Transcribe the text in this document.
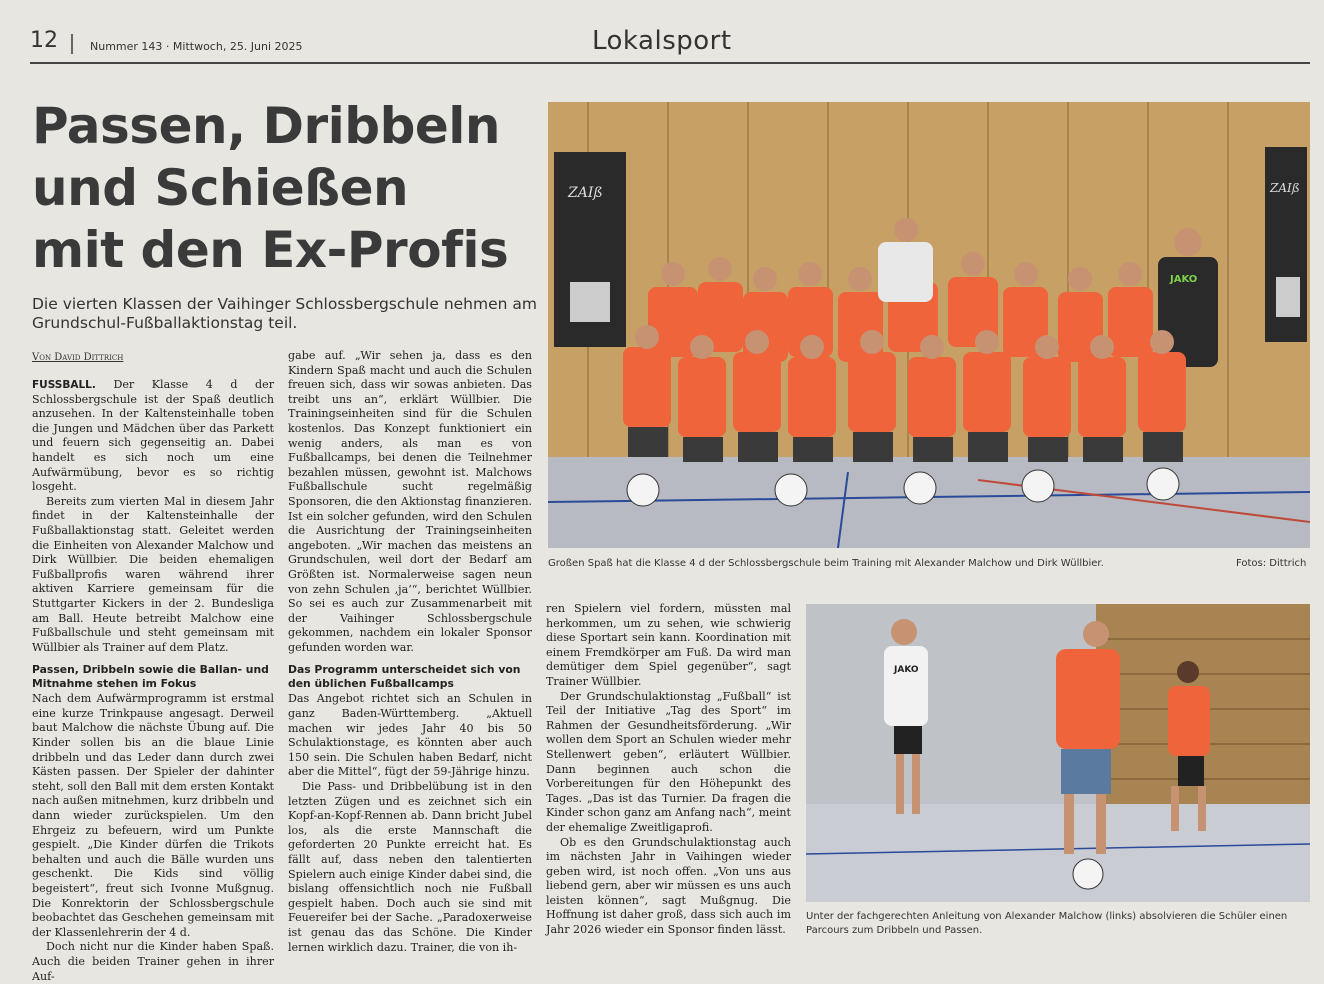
12	Nummer 143 · Mittwoch, 25. Juni 2025	Lokalsport
Passen, Dribbeln
und Schießen
mit den Ex-Profis
Die vierten Klassen der Vaihinger Schlossbergschule nehmen am Grundschul-Fußballaktionstag teil.
Von David Dittrich

FUSSBALL. Der Klasse 4 d der Schlossbergschule ist der Spaß deutlich anzusehen. In der Kaltensteinhalle toben die Jungen und Mädchen über das Parkett und feuern sich gegenseitig an. Dabei handelt es sich noch um eine Aufwärmübung, bevor es so richtig losgeht.

Bereits zum vierten Mal in diesem Jahr findet in der Kaltensteinhalle der Fußballaktionstag statt. Geleitet werden die Einheiten von Alexander Malchow und Dirk Wüllbier. Die beiden ehemaligen Fußballprofis waren während ihrer aktiven Karriere gemeinsam für die Stuttgarter Kickers in der 2. Bundesliga am Ball. Heute betreibt Malchow eine Fußballschule und steht gemeinsam mit Wüllbier als Trainer auf dem Platz.

Passen, Dribbeln sowie die Ballan- und Mitnahme stehen im Fokus

Nach dem Aufwärmprogramm ist erstmal eine kurze Trinkpause angesagt. Derweil baut Malchow die nächste Übung auf. Die Kinder sollen bis an die blaue Linie dribbeln und das Leder dann durch zwei Kästen passen. Der Spieler der dahinter steht, soll den Ball mit dem ersten Kontakt nach außen mitnehmen, kurz dribbeln und dann wieder zurückspielen. Um den Ehrgeiz zu befeuern, wird um Punkte gespielt. „Die Kinder dürfen die Trikots behalten und auch die Bälle wurden uns geschenkt. Die Kids sind völlig begeistert“, freut sich Ivonne Mußgnug. Die Konrektorin der Schlossbergschule beobachtet das Geschehen gemeinsam mit der Klassenlehrerin der 4 d.

Doch nicht nur die Kinder haben Spaß. Auch die beiden Trainer gehen in ihrer Auf-

gabe auf. „Wir sehen ja, dass es den Kindern Spaß macht und auch die Schulen freuen sich, dass wir sowas anbieten. Das treibt uns an“, erklärt Wüllbier. Die Trainingseinheiten sind für die Schulen kostenlos. Das Konzept funktioniert ein wenig anders, als man es von Fußballcamps, bei denen die Teilnehmer bezahlen müssen, gewohnt ist. Malchows Fußballschule sucht regelmäßig Sponsoren, die den Aktionstag finanzieren. Ist ein solcher gefunden, wird den Schulen die Ausrichtung der Trainingseinheiten angeboten. „Wir machen das meistens an Grundschulen, weil dort der Bedarf am Größten ist. Normalerweise sagen neun von zehn Schulen ‚ja‘“, berichtet Wüllbier. So sei es auch zur Zusammenarbeit mit der Vaihinger Schlossbergschule gekommen, nachdem ein lokaler Sponsor gefunden worden war.

Das Programm unterscheidet sich von den üblichen Fußballcamps

Das Angebot richtet sich an Schulen in ganz Baden-Württemberg. „Aktuell machen wir jedes Jahr 40 bis 50 Schulaktionstage, es könnten aber auch 150 sein. Die Schulen haben Bedarf, nicht aber die Mittel“, fügt der 59-Jährige hinzu.

Die Pass- und Dribbelübung ist in den letzten Zügen und es zeichnet sich ein Kopf-an-Kopf-Rennen ab. Dann bricht Jubel los, als die erste Mannschaft die geforderten 20 Punkte erreicht hat. Es fällt auf, dass neben den talentierten Spielern auch einige Kinder dabei sind, die bislang offensichtlich noch nie Fußball gespielt haben. Doch auch sie sind mit Feuereifer bei der Sache. „Paradoxerweise ist genau das das Schöne. Die Kinder lernen wirklich dazu. Trainer, die von ih-

ren Spielern viel fordern, müssten mal herkommen, um zu sehen, wie schwierig diese Sportart sein kann. Koordination mit einem Fremdkörper am Fuß. Da wird man demütiger dem Spiel gegenüber“, sagt Trainer Wüllbier.

Der Grundschulaktionstag „Fußball“ ist Teil der Initiative „Tag des Sport“ im Rahmen der Gesundheitsförderung. „Wir wollen dem Sport an Schulen wieder mehr Stellenwert geben“, erläutert Wüllbier. Dann beginnen auch schon die Vorbereitungen für den Höhepunkt des Tages. „Das ist das Turnier. Da fragen die Kinder schon ganz am Anfang nach“, meint der ehemalige Zweitligaprofi.

Ob es den Grundschulaktionstag auch im nächsten Jahr in Vaihingen wieder geben wird, ist noch offen. „Von uns aus liebend gern, aber wir müssen es uns auch leisten können“, sagt Mußgnug. Die Hoffnung ist daher groß, dass sich auch im Jahr 2026 wieder ein Sponsor finden lässt.

ZAIß	ZAIß
JAKO
Großen Spaß hat die Klasse 4 d der Schlossbergschule beim Training mit Alexander Malchow und Dirk Wüllbier.	Fotos: Dittrich
JAKO
Unter der fachgerechten Anleitung von Alexander Malchow (links) absolvieren die Schüler einen Parcours zum Dribbeln und Passen.
